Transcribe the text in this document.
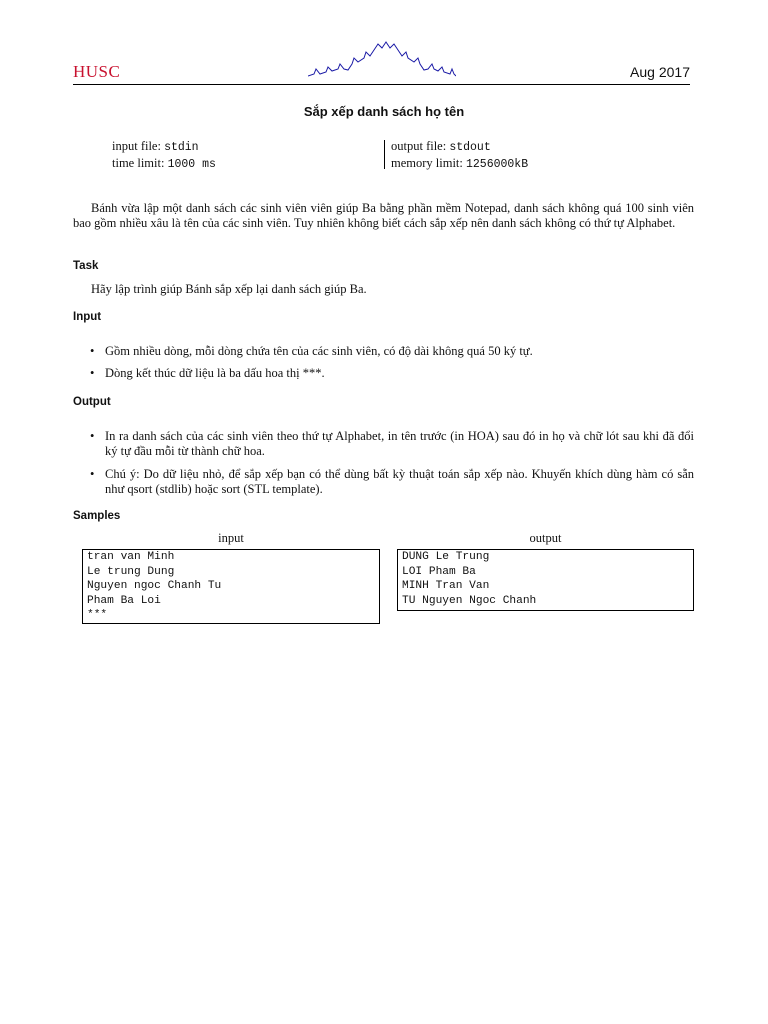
HUSC	Aug 2017
Sắp xếp danh sách họ tên
input file: stdin
time limit: 1000 ms
output file: stdout
memory limit: 1256000kB
Bánh vừa lập một danh sách các sinh viên viên giúp Ba bằng phần mềm Notepad, danh sách không quá 100 sinh viên bao gồm nhiều xâu là tên của các sinh viên. Tuy nhiên không biết cách sắp xếp nên danh sách không có thứ tự Alphabet.
Task
Hãy lập trình giúp Bánh sắp xếp lại danh sách giúp Ba.
Input
• Gồm nhiều dòng, mỗi dòng chứa tên của các sinh viên, có độ dài không quá 50 ký tự.
• Dòng kết thúc dữ liệu là ba dấu hoa thị ***.
Output
• In ra danh sách của các sinh viên theo thứ tự Alphabet, in tên trước (in HOA) sau đó in họ và chữ lót sau khi đã đổi ký tự đầu mỗi từ thành chữ hoa.
• Chú ý: Do dữ liệu nhỏ, để sắp xếp bạn có thể dùng bất kỳ thuật toán sắp xếp nào. Khuyến khích dùng hàm có sẵn như qsort (stdlib) hoặc sort (STL template).
Samples
input	output
tran van Minh
Le trung Dung
Nguyen ngoc Chanh Tu
Pham Ba Loi
***
DUNG Le Trung
LOI Pham Ba
MINH Tran Van
TU Nguyen Ngoc Chanh
